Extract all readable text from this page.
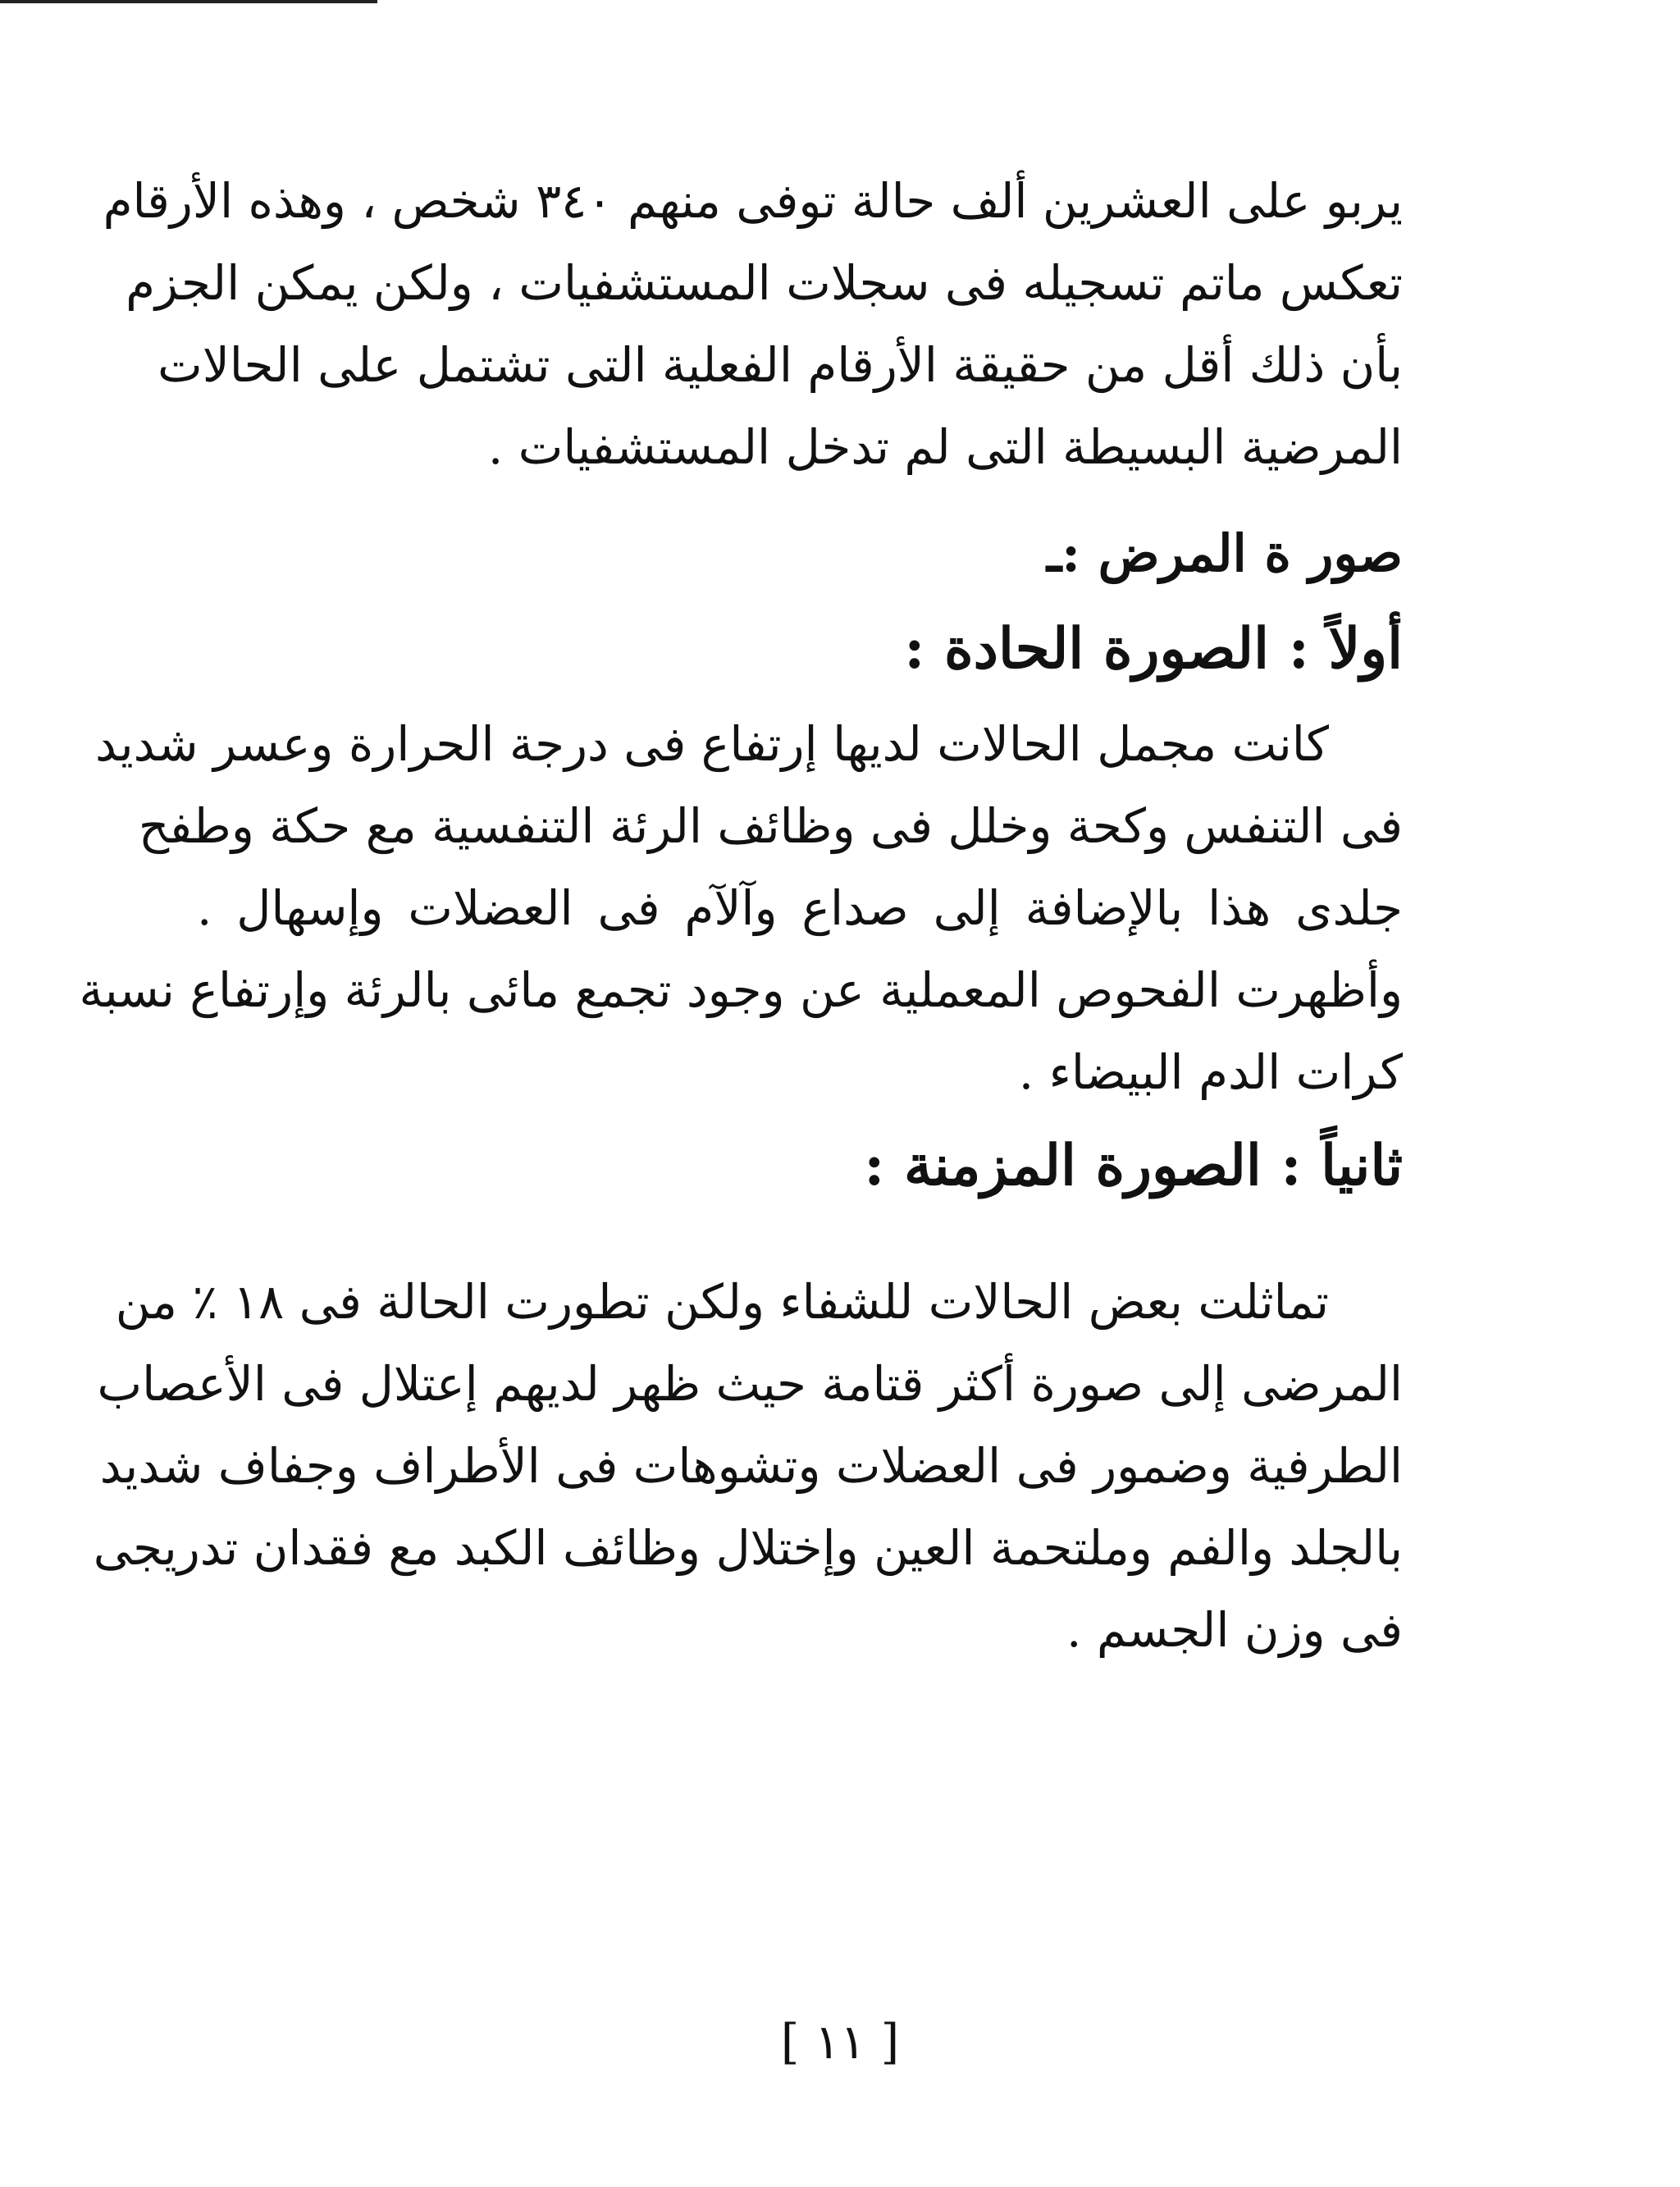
يربو على العشرين ألف حالة توفى منهم ٣٤٠ شخص ، وهذه الأرقام
تعكس ماتم تسجيله فى سجلات المستشفيات ، ولكن يمكن الجزم
بأن ذلك أقل من حقيقة الأرقام الفعلية التى تشتمل على الحالات
المرضية البسيطة التى لم تدخل المستشفيات .

صور ة المرض :ـ
أولاً : الصورة الحادة :

كانت مجمل الحالات لديها إرتفاع فى درجة الحرارة وعسر شديد
فى التنفس وكحة وخلل فى وظائف الرئة التنفسية مع حكة وطفح
جلدى هذا بالإضافة إلى صداع وآلآم فى العضلات وإسهال .
وأظهرت الفحوص المعملية عن وجود تجمع مائى بالرئة وإرتفاع نسبة
كرات الدم البيضاء .

ثانياً : الصورة المزمنة :

تماثلت بعض الحالات للشفاء ولكن تطورت الحالة فى ١٨ ٪ من
المرضى إلى صورة أكثر قتامة حيث ظهر لديهم إعتلال فى الأعصاب
الطرفية وضمور فى العضلات وتشوهات فى الأطراف وجفاف شديد
بالجلد والفم وملتحمة العين وإختلال وظائف الكبد مع فقدان تدريجى
فى وزن الجسم .

[ ١١ ]
